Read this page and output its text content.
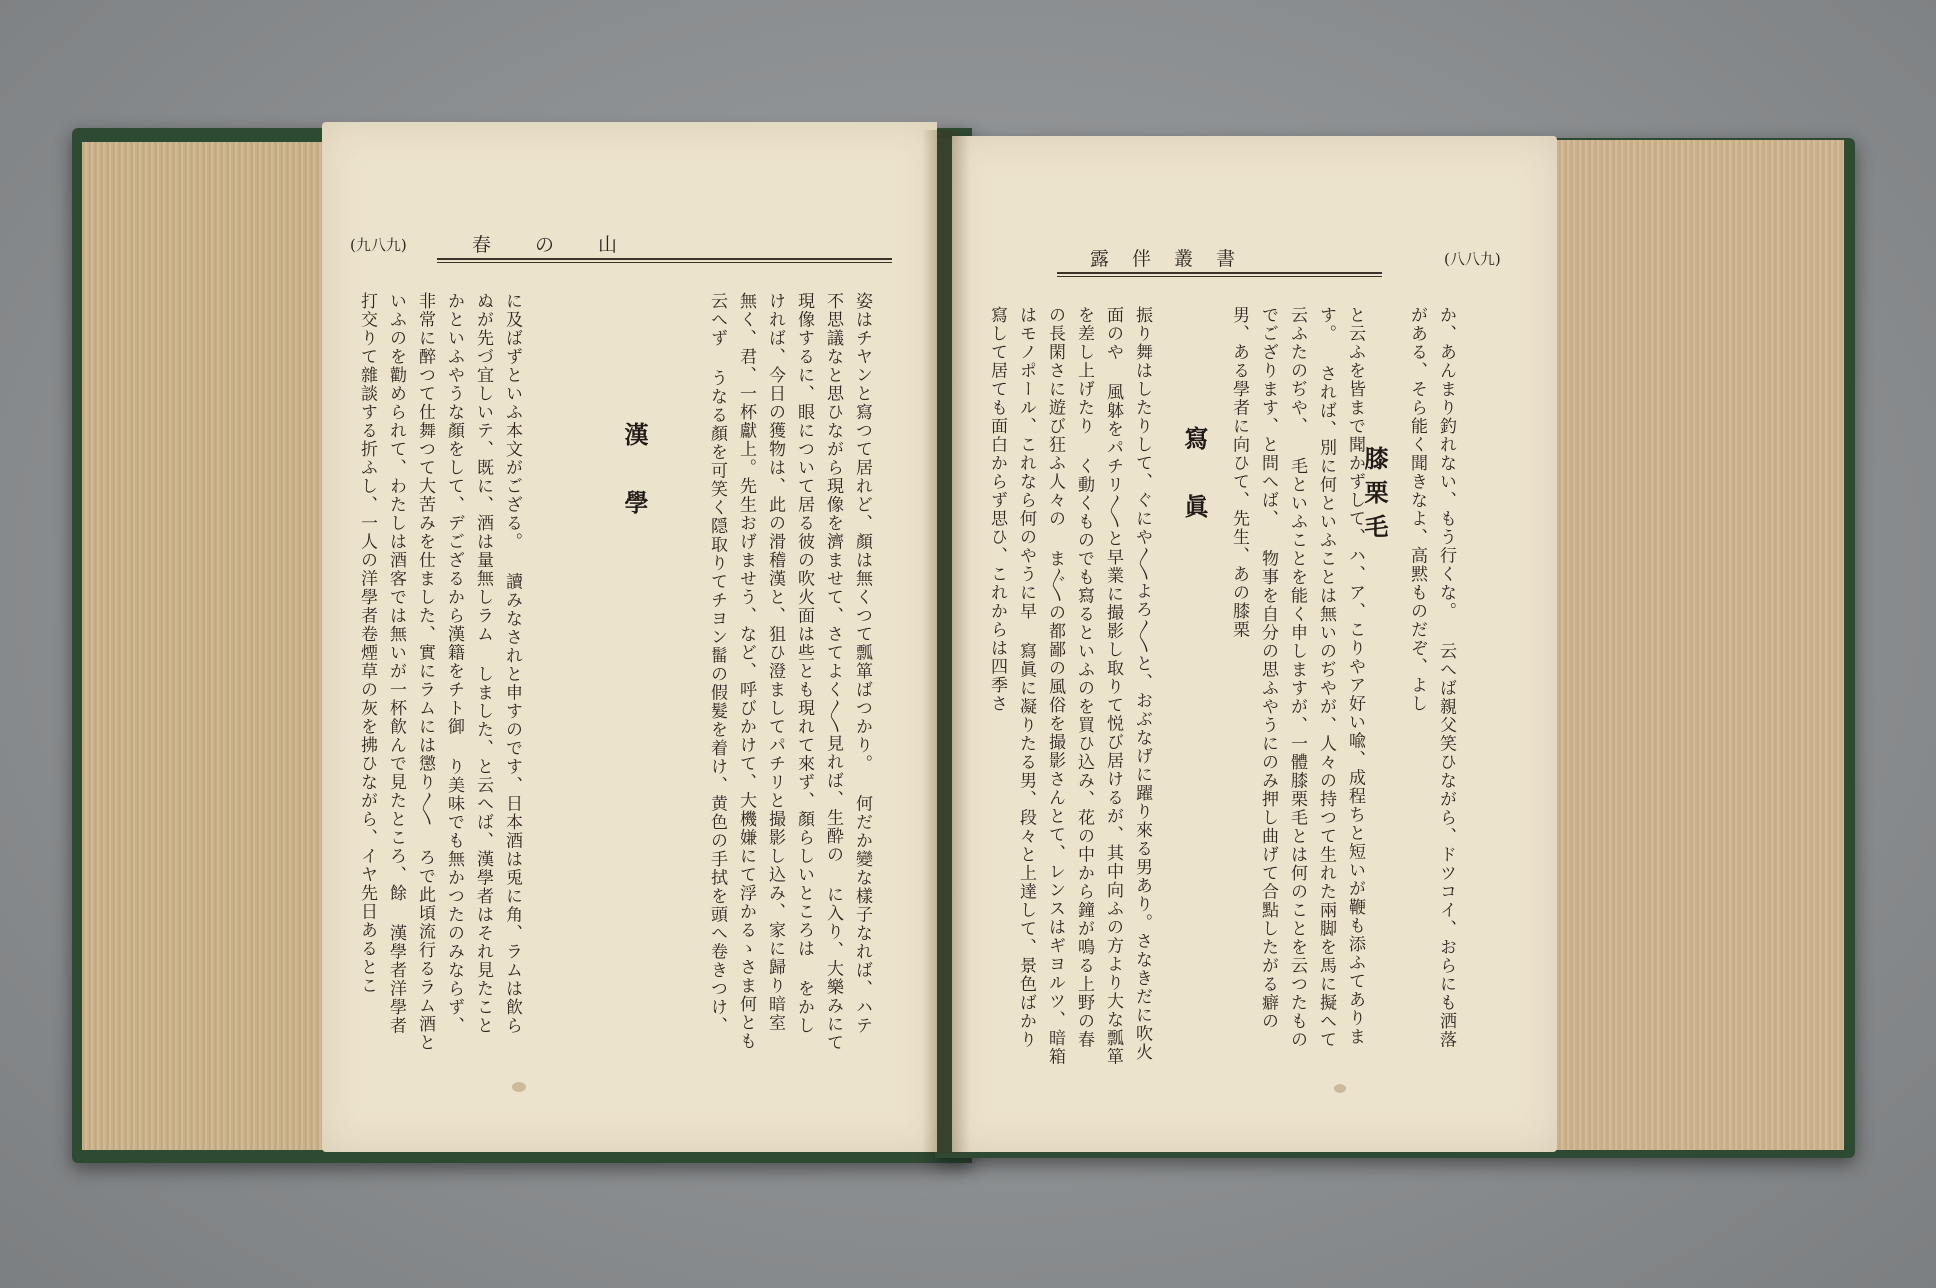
(九八九)	春　　の　　山
に及ばずといふ本文がござる。 讀みなされと申すのです、日本酒は兎に角、ラムは飮らぬが先づ宜しいテ、既に、酒は量無しラム しました、と云へば、漢學者はそれ見たことかといふやうな顏をして、デござるから漢籍をチト御 り美味でも無かつたのみならず、非常に醉つて仕舞つて大苦みを仕ました、實にラムには懲り〳〵 ろで此頃流行るラム酒といふのを勸められて、わたしは酒客では無いが一杯飮んで見たところ、餘 漢學者洋學者打交りて雜談する折ふし、一人の洋學者卷煙草の灰を拂ひながら、イヤ先日あるとこ	漢　學	姿はチヤンと寫つて居れど、顏は無くつて瓢箪ばつかり。 何だか變な樣子なれば、ハテ不思議なと思ひながら現像を濟ませて、さてよく〳〵見れば、生酔の に入り、大樂みにて現像するに、眼について居る彼の吹火面は些とも現れて來ず、顏らしいところは をかしければ、今日の獲物は、此の滑稽漢と、狙ひ澄ましてパチリと撮影し込み、家に歸り暗室 無く、君、一杯獻上。先生おげませう、など、呼びかけて、大機嫌にて浮かるゝさま何とも云へず うなる顏を可笑く隠取りてチヨン髷の假髮を着け、黄色の手拭を頭へ卷きつけ、
(八八九)
露　伴　叢　書
振り舞はしたりして、ぐにや〳〵よろ〳〵と、おぶなげに躍り來る男あり。さなきだに吹火面のや 風躰をパチリ〳〵と早業に撮影し取りて悦び居けるが、其中向ふの方より大な瓢箪を差し上げたり く動くものでも寫るといふのを買ひ込み、花の中から鐘が鳴る上野の春の長閑さに遊び狂ふ人々の ま〴〵の都鄙の風俗を撮影さんとて、レンスはギヨルツ、暗箱はモノポール、これなら何のやうに早 寫眞に凝りたる男、段々と上達して、景色ばかり寫して居ても面白からず思ひ、これからは四季さ	寫　眞	と云ふを皆まで聞かずして、ハ、ア、こりやア好い喩、成程ちと短いが鞭も添ふてあります。 されば、別に何といふことは無いのぢやが、人々の持つて生れた兩脚を馬に擬へて云ふたのぢや、 毛といふことを能く申しますが、一體膝栗毛とは何のことを云つたものでござります、と問へば、 物事を自分の思ふやうにのみ押し曲げて合點したがる癖の男、ある學者に向ひて、先生、あの膝栗	膝栗毛	か、あんまり釣れない、もう行くな。 云へば親父笑ひながら、ドツコイ、おらにも洒落がある、そら能く聞きなよ、高黙ものだぞ、よし
